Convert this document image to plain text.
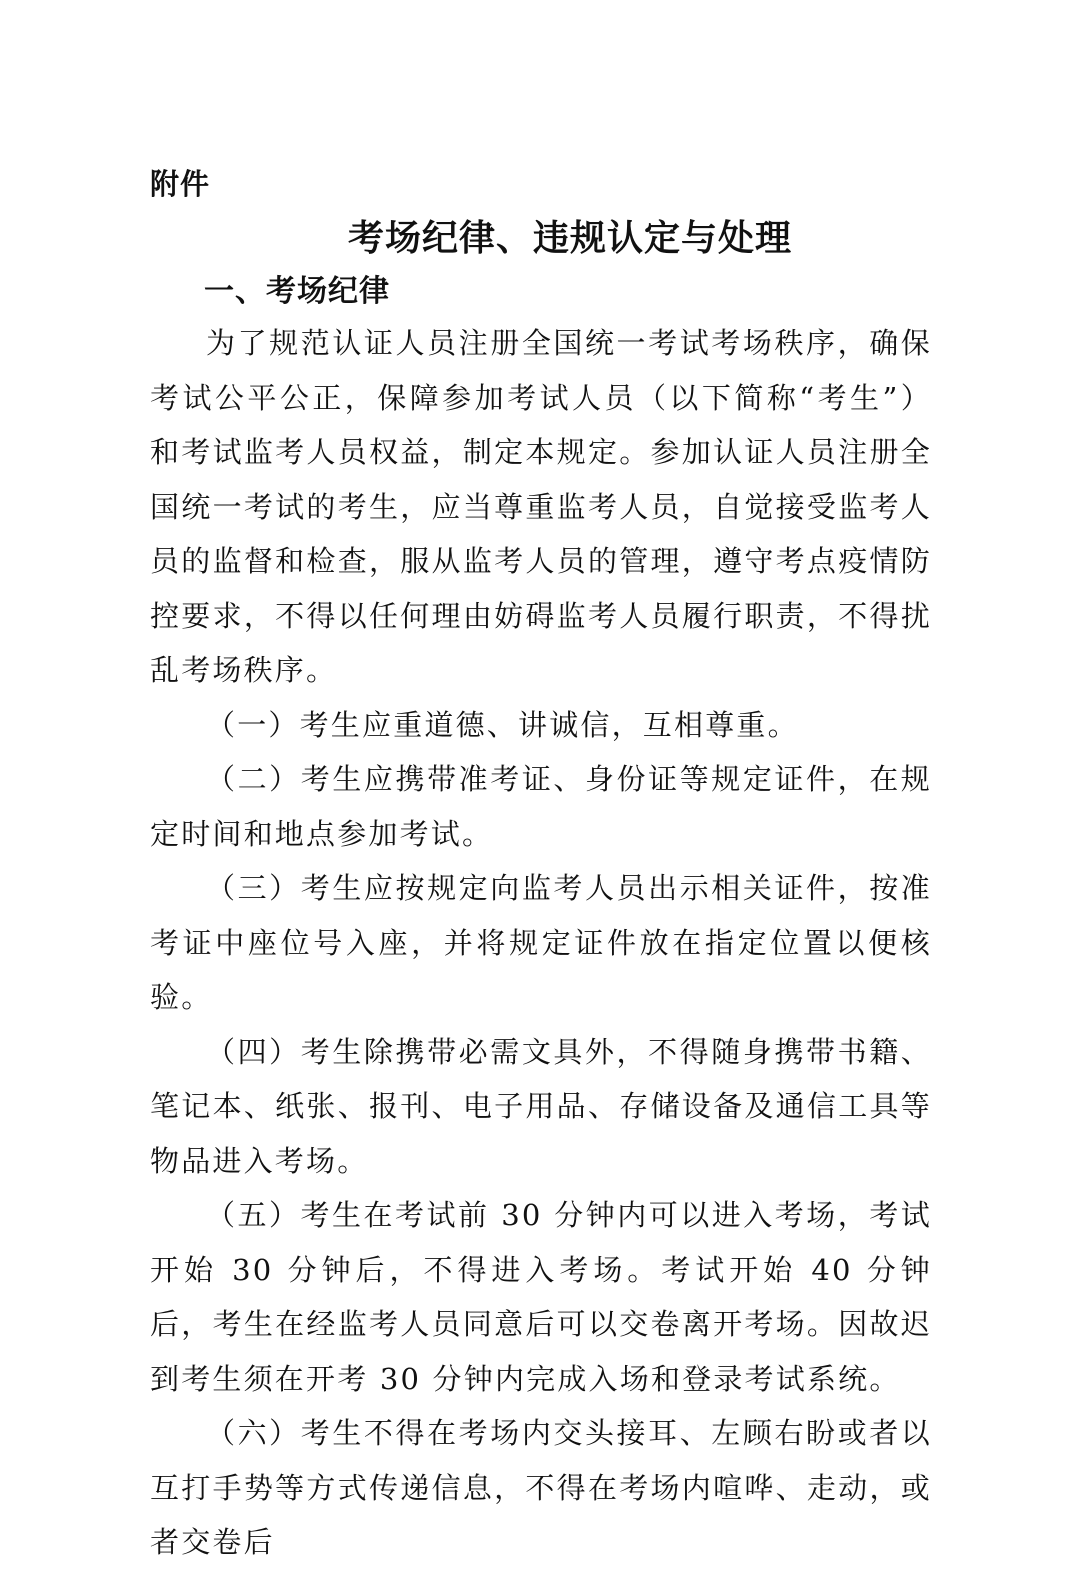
附件
考场纪律、违规认定与处理
一、考场纪律

为了规范认证人员注册全国统一考试考场秩序，确保考试公平公正，保障参加考试人员（以下简称“考生”）和考试监考人员权益，制定本规定。参加认证人员注册全国统一考试的考生，应当尊重监考人员，自觉接受监考人员的监督和检查，服从监考人员的管理，遵守考点疫情防控要求，不得以任何理由妨碍监考人员履行职责，不得扰乱考场秩序。

（一）考生应重道德、讲诚信，互相尊重。

（二）考生应携带准考证、身份证等规定证件，在规定时间和地点参加考试。

（三）考生应按规定向监考人员出示相关证件，按准考证中座位号入座，并将规定证件放在指定位置以便核验。

（四）考生除携带必需文具外，不得随身携带书籍、笔记本、纸张、报刊、电子用品、存储设备及通信工具等物品进入考场。

（五）考生在考试前 30 分钟内可以进入考场，考试开始 30 分钟后，不得进入考场。考试开始 40 分钟后，考生在经监考人员同意后可以交卷离开考场。因故迟到考生须在开考 30 分钟内完成入场和登录考试系统。

（六）考生不得在考场内交头接耳、左顾右盼或者以互打手势等方式传递信息，不得在考场内喧哗、走动，或者交卷后
